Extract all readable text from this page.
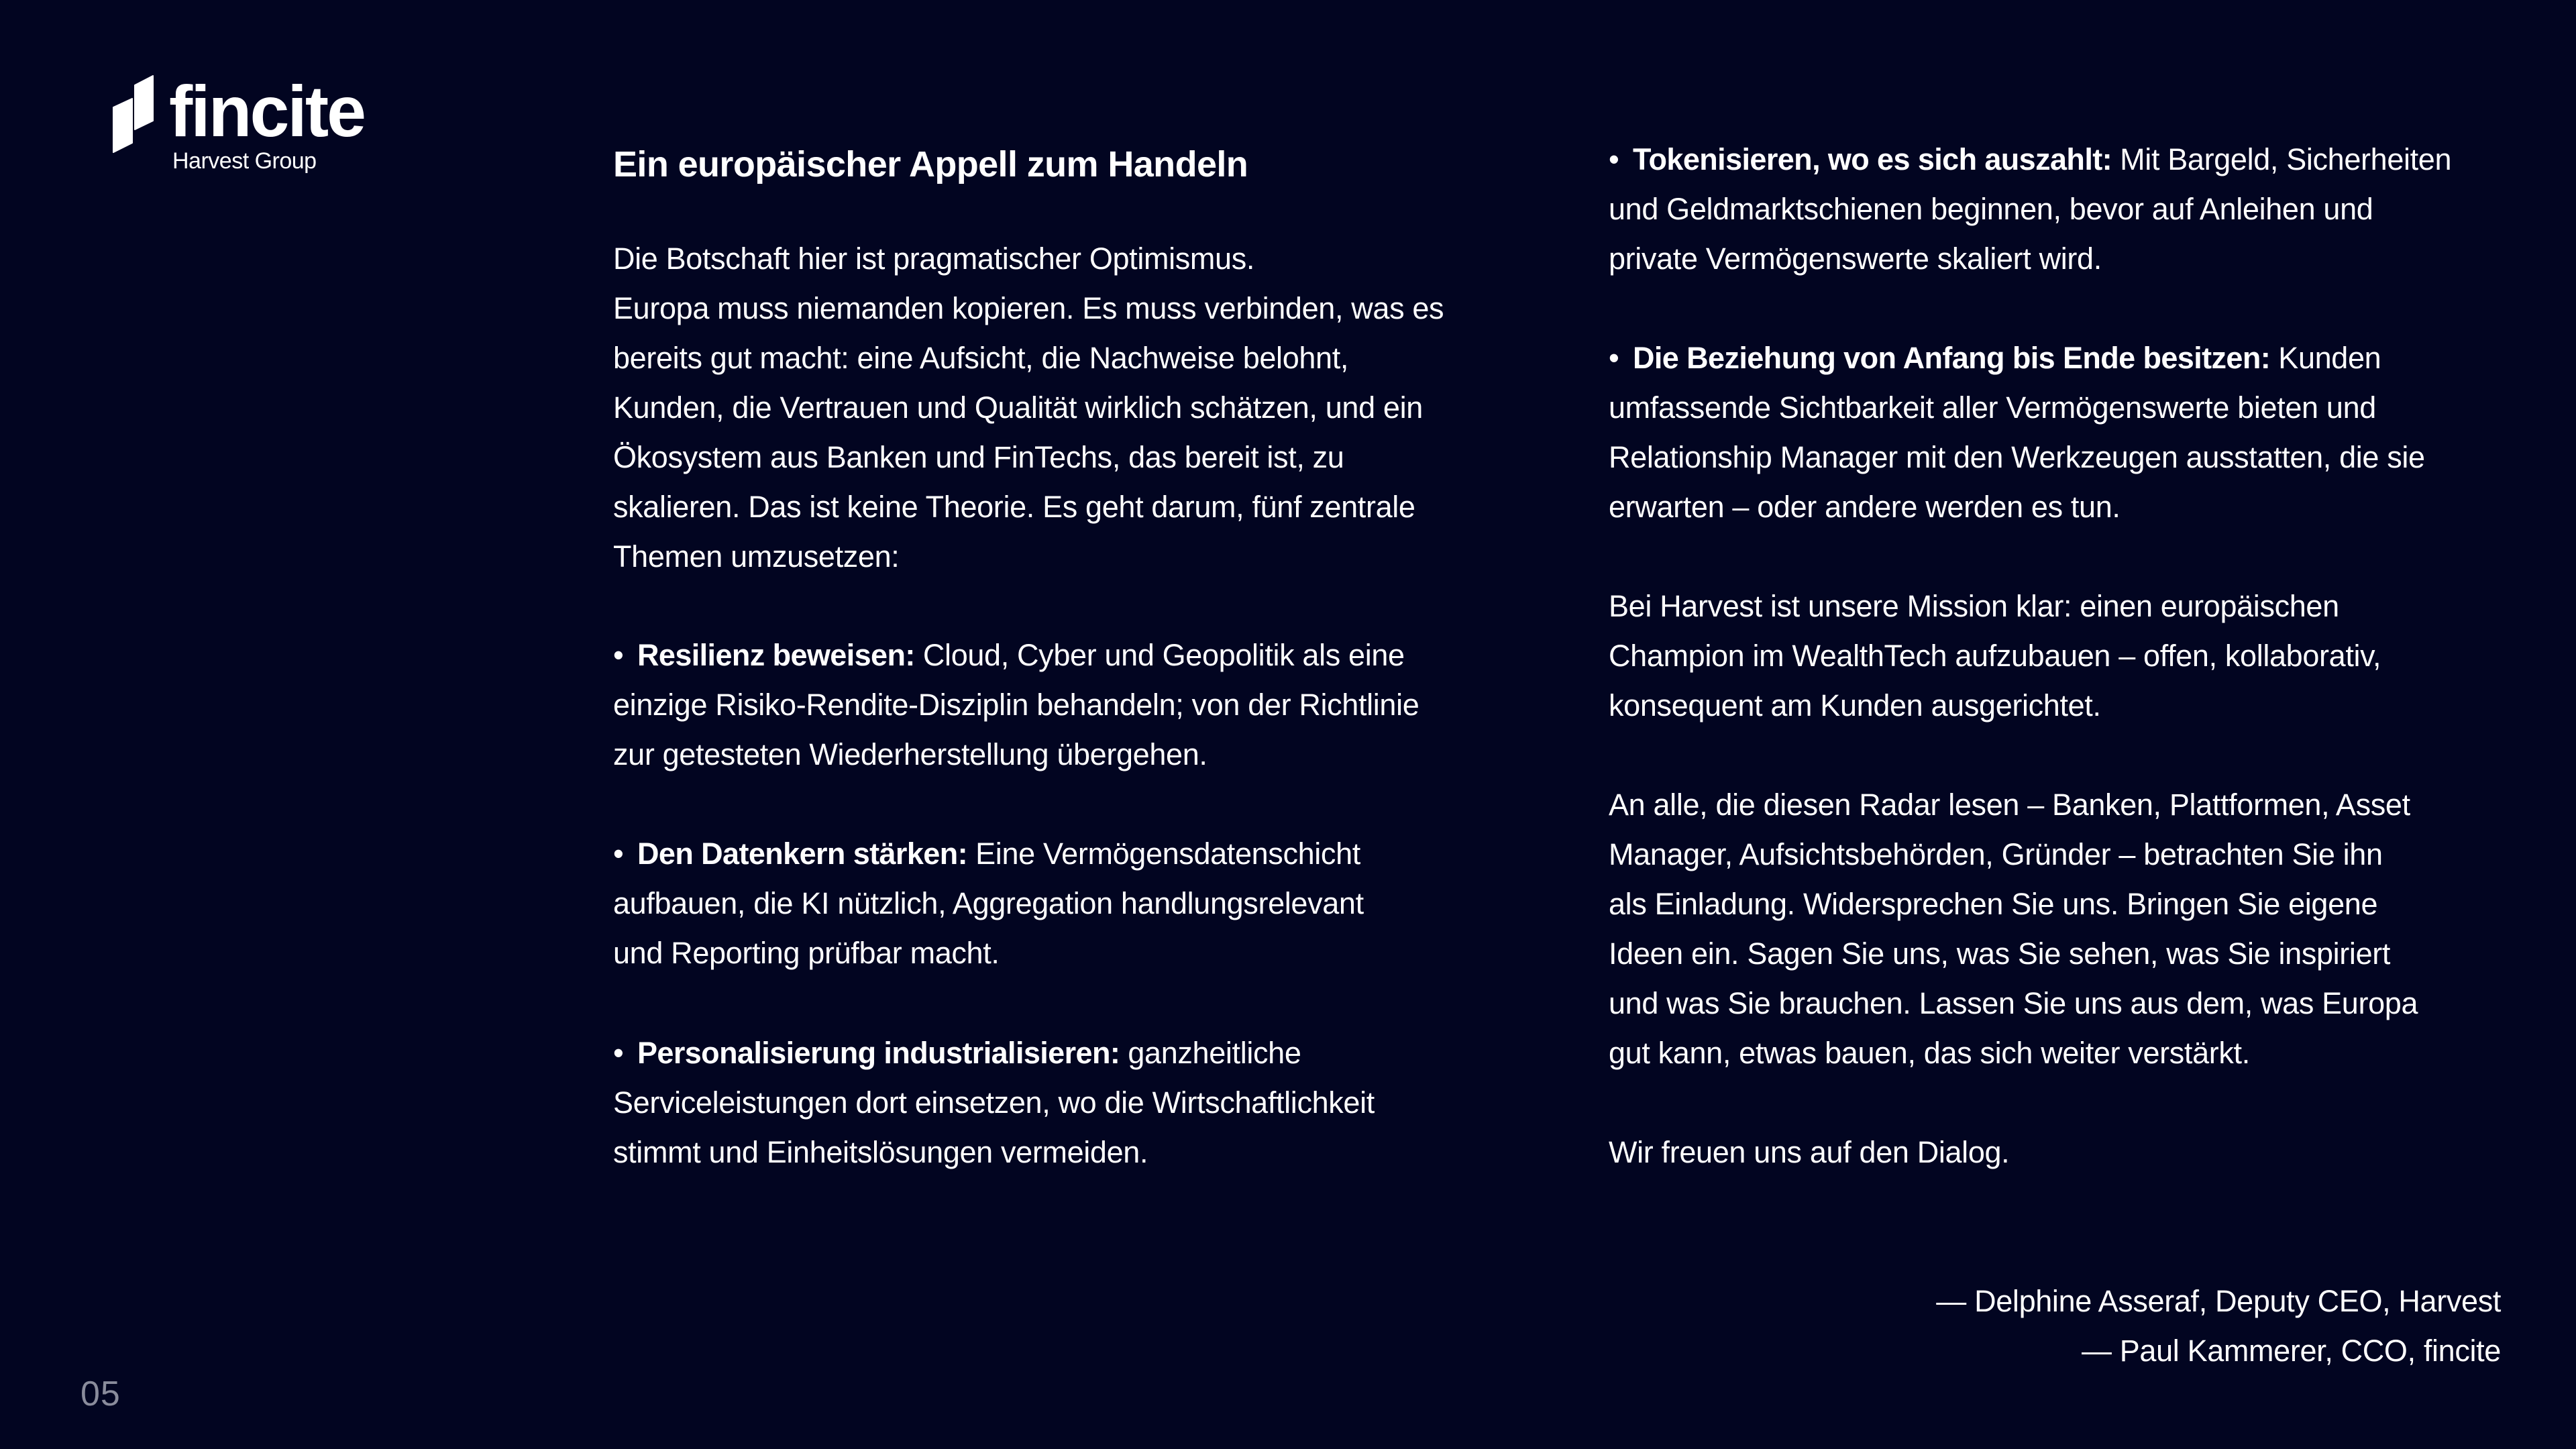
fincite
Harvest Group	Ein europäischer Appell zum Handeln
Die Botschaft hier ist pragmatischer Optimismus.
Europa muss niemanden kopieren. Es muss verbinden, was es
bereits gut macht: eine Aufsicht, die Nachweise belohnt,
Kunden, die Vertrauen und Qualität wirklich schätzen, und ein
Ökosystem aus Banken und FinTechs, das bereit ist, zu
skalieren. Das ist keine Theorie. Es geht darum, fünf zentrale
Themen umzusetzen:
• Resilienz beweisen: Cloud, Cyber und Geopolitik als eine
einzige Risiko-Rendite-Disziplin behandeln; von der Richtlinie
zur getesteten Wiederherstellung übergehen.
• Den Datenkern stärken: Eine Vermögensdatenschicht
aufbauen, die KI nützlich, Aggregation handlungsrelevant
und Reporting prüfbar macht.
• Personalisierung industrialisieren: ganzheitliche
Serviceleistungen dort einsetzen, wo die Wirtschaftlichkeit
stimmt und Einheitslösungen vermeiden.
• Tokenisieren, wo es sich auszahlt: Mit Bargeld, Sicherheiten
und Geldmarktschienen beginnen, bevor auf Anleihen und
private Vermögenswerte skaliert wird.
• Die Beziehung von Anfang bis Ende besitzen: Kunden
umfassende Sichtbarkeit aller Vermögenswerte bieten und
Relationship Manager mit den Werkzeugen ausstatten, die sie
erwarten – oder andere werden es tun.
Bei Harvest ist unsere Mission klar: einen europäischen
Champion im WealthTech aufzubauen – offen, kollaborativ,
konsequent am Kunden ausgerichtet.
An alle, die diesen Radar lesen – Banken, Plattformen, Asset
Manager, Aufsichtsbehörden, Gründer – betrachten Sie ihn
als Einladung. Widersprechen Sie uns. Bringen Sie eigene
Ideen ein. Sagen Sie uns, was Sie sehen, was Sie inspiriert
und was Sie brauchen. Lassen Sie uns aus dem, was Europa
gut kann, etwas bauen, das sich weiter verstärkt.
Wir freuen uns auf den Dialog.
— Delphine Asseraf, Deputy CEO, Harvest
— Paul Kammerer, CCO, fincite
05
